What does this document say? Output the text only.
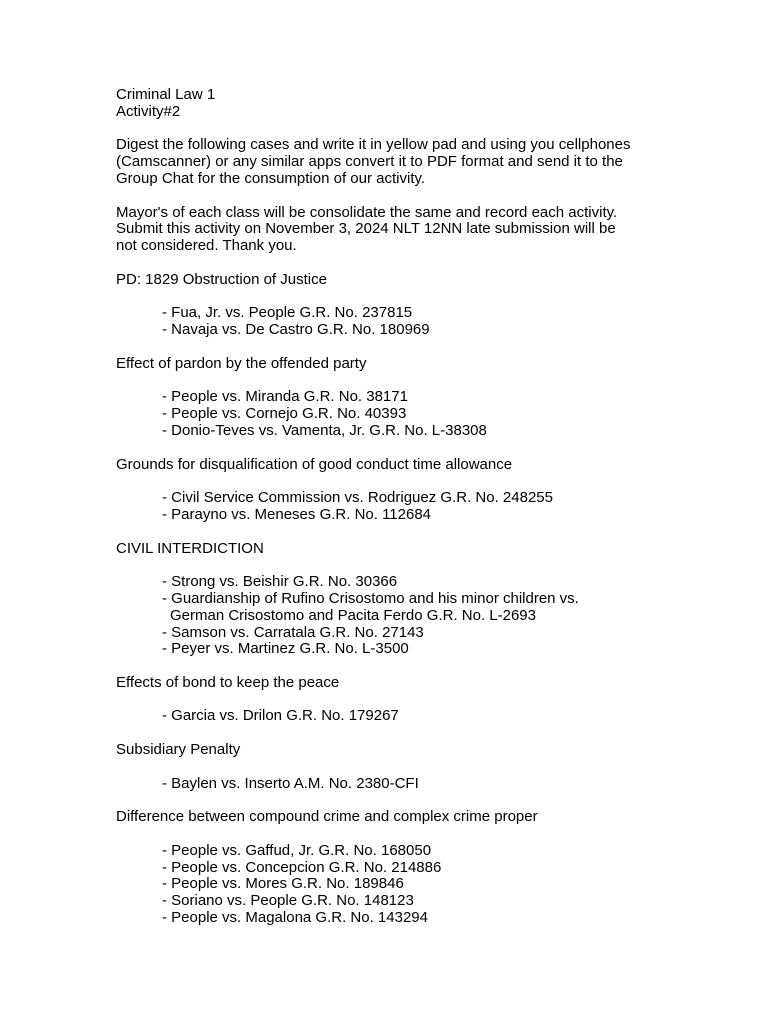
Criminal Law 1
Activity#2
Digest the following cases and write it in yellow pad and using you cellphones
(Camscanner) or any similar apps convert it to PDF format and send it to the
Group Chat for the consumption of our activity.
Mayor's of each class will be consolidate the same and record each activity.
Submit this activity on November 3, 2024 NLT 12NN late submission will be
not considered. Thank you.
PD: 1829 Obstruction of Justice
- Fua, Jr. vs. People G.R. No. 237815
- Navaja vs. De Castro G.R. No. 180969
Effect of pardon by the offended party
- People vs. Miranda G.R. No. 38171
- People vs. Cornejo G.R. No. 40393
- Donio-Teves vs. Vamenta, Jr. G.R. No. L-38308
Grounds for disqualification of good conduct time allowance
- Civil Service Commission vs. Rodriguez G.R. No. 248255
- Parayno vs. Meneses G.R. No. 112684
CIVIL INTERDICTION
- Strong vs. Beishir G.R. No. 30366
- Guardianship of Rufino Crisostomo and his minor children vs.
German Crisostomo and Pacita Ferdo G.R. No. L-2693
- Samson vs. Carratala G.R. No. 27143
- Peyer vs. Martinez G.R. No. L-3500
Effects of bond to keep the peace
- Garcia vs. Drilon G.R. No. 179267
Subsidiary Penalty
- Baylen vs. Inserto A.M. No. 2380-CFI
Difference between compound crime and complex crime proper
- People vs. Gaffud, Jr. G.R. No. 168050
- People vs. Concepcion G.R. No. 214886
- People vs. Mores G.R. No. 189846
- Soriano vs. People G.R. No. 148123
- People vs. Magalona G.R. No. 143294
